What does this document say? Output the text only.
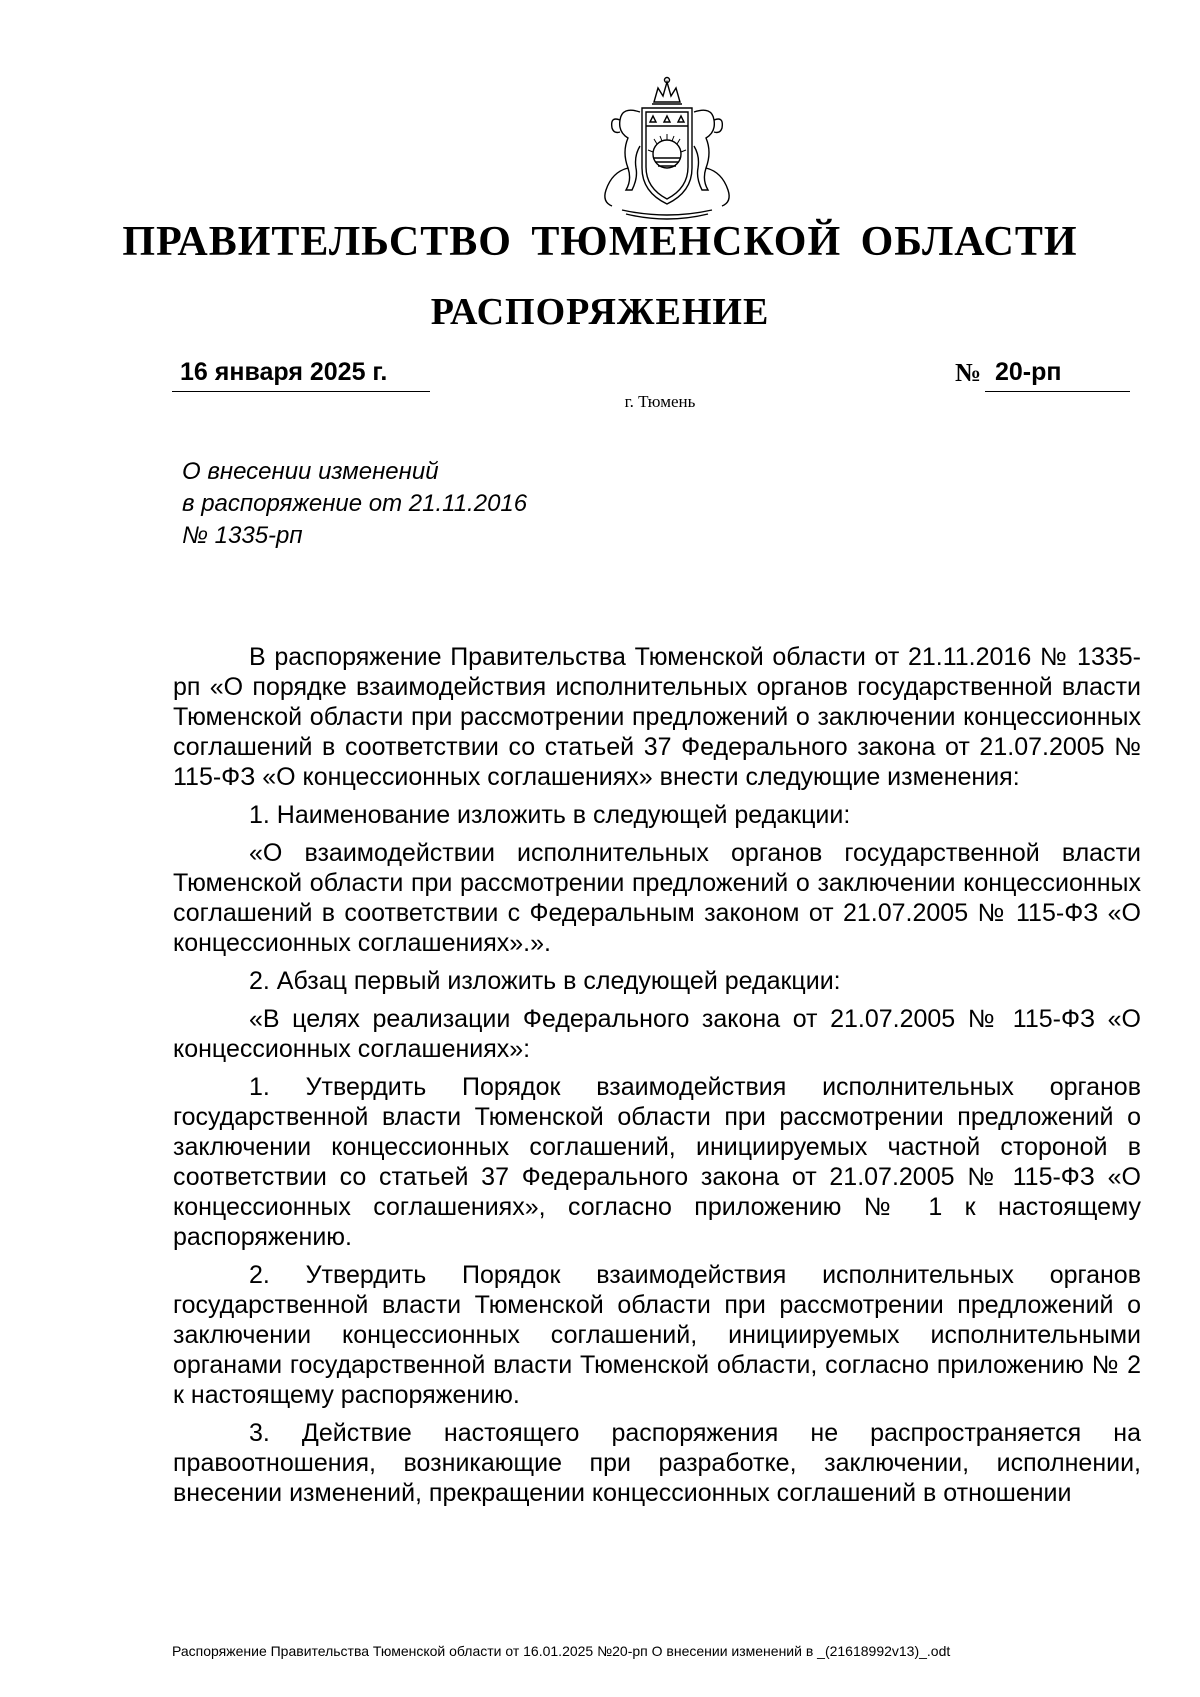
ПРАВИТЕЛЬСТВО ТЮМЕНСКОЙ ОБЛАСТИ
РАСПОРЯЖЕНИЕ
16 января 2025 г.	№ 20-рп
г. Тюмень
О внесении изменений
в распоряжение от 21.11.2016
№ 1335-рп

В распоряжение Правительства Тюменской области от 21.11.2016 № 1335-рп «О порядке взаимодействия исполнительных органов государственной власти Тюменской области при рассмотрении предложений о заключении концессионных соглашений в соответствии со статьей 37 Федерального закона от 21.07.2005 № 115-ФЗ «О концессионных соглашениях» внести следующие изменения:

1. Наименование изложить в следующей редакции:

«О взаимодействии исполнительных органов государственной власти Тюменской области при рассмотрении предложений о заключении концессионных соглашений в соответствии с Федеральным законом от 21.07.2005 № 115-ФЗ «О концессионных соглашениях».».

2. Абзац первый изложить в следующей редакции:

«В целях реализации Федерального закона от 21.07.2005 № 115-ФЗ «О концессионных соглашениях»:

1. Утвердить Порядок взаимодействия исполнительных органов государственной власти Тюменской области при рассмотрении предложений о заключении концессионных соглашений, инициируемых частной стороной в соответствии со статьей 37 Федерального закона от 21.07.2005 № 115-ФЗ «О концессионных соглашениях», согласно приложению № 1 к настоящему распоряжению.

2. Утвердить Порядок взаимодействия исполнительных органов государственной власти Тюменской области при рассмотрении предложений о заключении концессионных соглашений, инициируемых исполнительными органами государственной власти Тюменской области, согласно приложению № 2 к настоящему распоряжению.

3. Действие настоящего распоряжения не распространяется на правоотношения, возникающие при разработке, заключении, исполнении, внесении изменений, прекращении концессионных соглашений в отношении

Распоряжение Правительства Тюменской области от 16.01.2025 №20-рп О внесении изменений в _(21618992v13)_.odt
